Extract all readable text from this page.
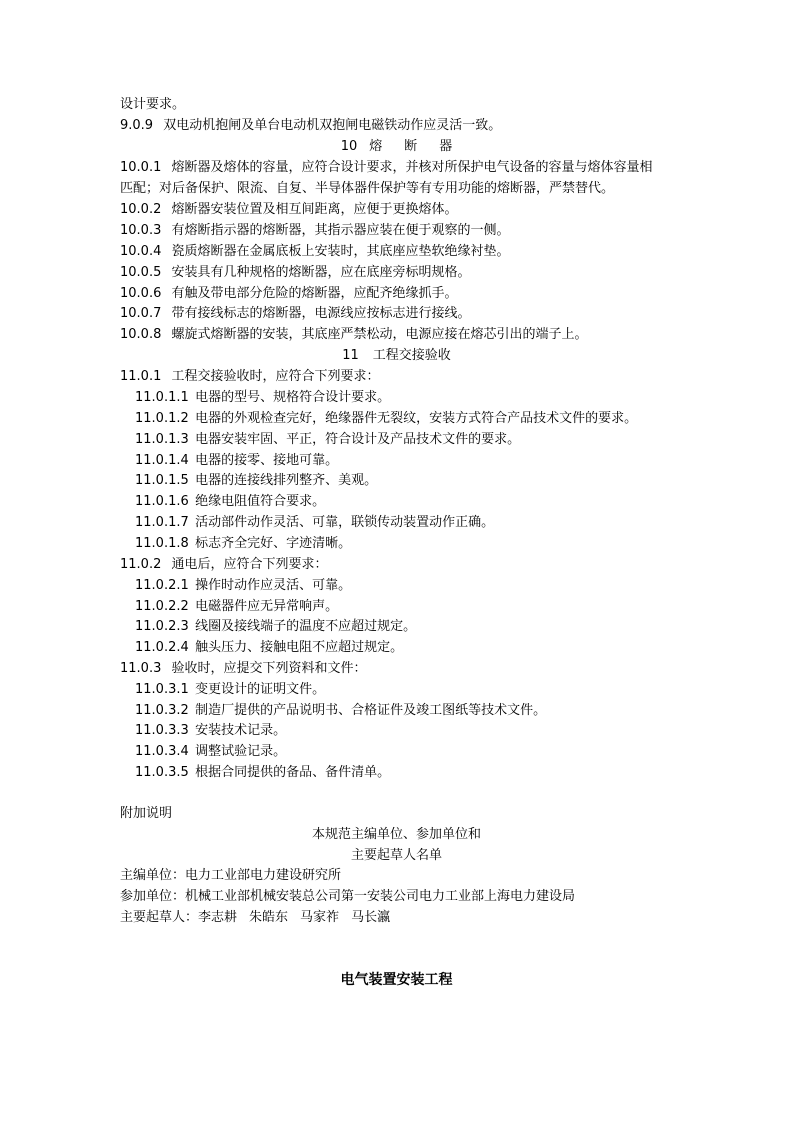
设计要求。
9.0.9 双电动机抱闸及单台电动机双抱闸电磁铁动作应灵活一致。
10 熔 断 器
10.0.1 熔断器及熔体的容量，应符合设计要求，并核对所保护电气设备的容量与熔体容量相
匹配；对后备保护、限流、自复、半导体器件保护等有专用功能的熔断器，严禁替代。
10.0.2 熔断器安装位置及相互间距离，应便于更换熔体。
10.0.3 有熔断指示器的熔断器，其指示器应装在便于观察的一侧。
10.0.4 瓷质熔断器在金属底板上安装时，其底座应垫软绝缘衬垫。
10.0.5 安装具有几种规格的熔断器，应在底座旁标明规格。
10.0.6 有触及带电部分危险的熔断器，应配齐绝缘抓手。
10.0.7 带有接线标志的熔断器，电源线应按标志进行接线。
10.0.8 螺旋式熔断器的安装，其底座严禁松动，电源应接在熔芯引出的端子上。
11 工程交接验收
11.0.1 工程交接验收时，应符合下列要求：
11.0.1.1 电器的型号、规格符合设计要求。
11.0.1.2 电器的外观检查完好，绝缘器件无裂纹，安装方式符合产品技术文件的要求。
11.0.1.3 电器安装牢固、平正，符合设计及产品技术文件的要求。
11.0.1.4 电器的接零、接地可靠。
11.0.1.5 电器的连接线排列整齐、美观。
11.0.1.6 绝缘电阻值符合要求。
11.0.1.7 活动部件动作灵活、可靠，联锁传动装置动作正确。
11.0.1.8 标志齐全完好、字迹清晰。
11.0.2 通电后，应符合下列要求：
11.0.2.1 操作时动作应灵活、可靠。
11.0.2.2 电磁器件应无异常响声。
11.0.2.3 线圈及接线端子的温度不应超过规定。
11.0.2.4 触头压力、接触电阻不应超过规定。
11.0.3 验收时，应提交下列资料和文件：
11.0.3.1 变更设计的证明文件。
11.0.3.2 制造厂提供的产品说明书、合格证件及竣工图纸等技术文件。
11.0.3.3 安装技术记录。
11.0.3.4 调整试验记录。
11.0.3.5 根据合同提供的备品、备件清单。
附加说明
本规范主编单位、参加单位和
主要起草人名单
主编单位：电力工业部电力建设研究所
参加单位：机械工业部机械安装总公司第一安装公司电力工业部上海电力建设局
主要起草人：李志耕 朱皓东 马家祚 马长瀛
电气装置安装工程
